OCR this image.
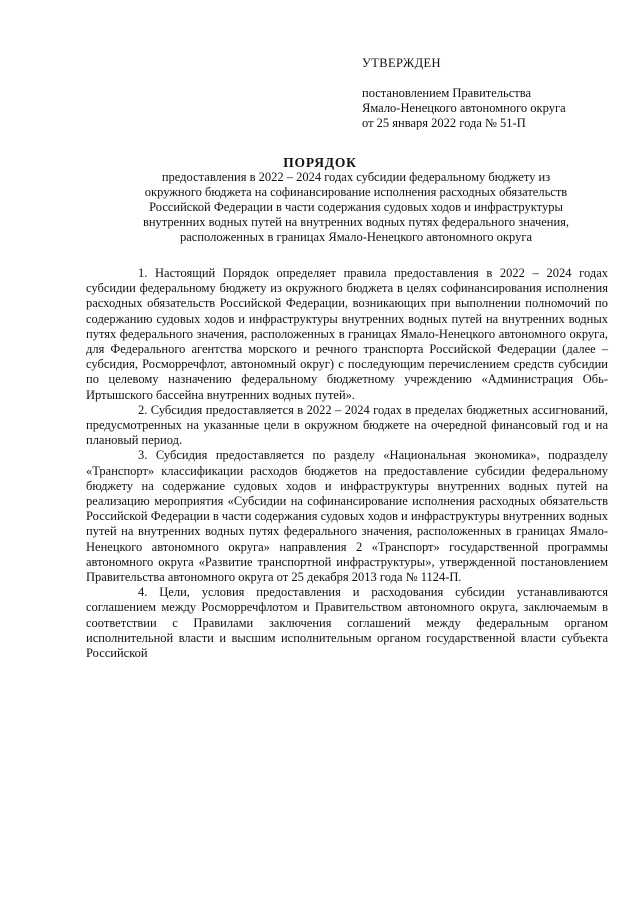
УТВЕРЖДЕН
постановлением Правительства
Ямало-Ненецкого автономного округа
от 25 января 2022 года № 51-П
ПОРЯДОК
предоставления в 2022 – 2024 годах субсидии федеральному бюджету из
окружного бюджета на софинансирование исполнения расходных обязательств
Российской Федерации в части содержания судовых ходов и инфраструктуры
внутренних водных путей на внутренних водных путях федерального значения,
расположенных в границах Ямало-Ненецкого автономного округа

1. Настоящий Порядок определяет правила предоставления в 2022 – 2024 годах субсидии федеральному бюджету из окружного бюджета в целях софинансирования исполнения расходных обязательств Российской Федерации, возникающих при выполнении полномочий по содержанию судовых ходов и инфраструктуры внутренних водных путей на внутренних водных путях федерального значения, расположенных в границах Ямало-Ненецкого автономного округа, для Федерального агентства морского и речного транспорта Российской Федерации (далее – субсидия, Росморречфлот, автономный округ) с последующим перечислением средств субсидии по целевому назначению федеральному бюджетному учреждению «Администрация Обь-Иртышского бассейна внутренних водных путей».

2. Субсидия предоставляется в 2022 – 2024 годах в пределах бюджетных ассигнований, предусмотренных на указанные цели в окружном бюджете на очередной финансовый год и на плановый период.

3. Субсидия предоставляется по разделу «Национальная экономика», подразделу «Транспорт» классификации расходов бюджетов на предоставление субсидии федеральному бюджету на содержание судовых ходов и инфраструктуры внутренних водных путей на реализацию мероприятия «Субсидии на софинансирование исполнения расходных обязательств Российской Федерации в части содержания судовых ходов и инфраструктуры внутренних водных путей на внутренних водных путях федерального значения, расположенных в границах Ямало-Ненецкого автономного округа» направления 2 «Транспорт» государственной программы автономного округа «Развитие транспортной инфраструктуры», утвержденной постановлением Правительства автономного округа от 25 декабря 2013 года № 1124-П.

4. Цели, условия предоставления и расходования субсидии устанавливаются соглашением между Росморречфлотом и Правительством автономного округа, заключаемым в соответствии с Правилами заключения соглашений между федеральным органом исполнительной власти и высшим исполнительным органом государственной власти субъекта Российской
